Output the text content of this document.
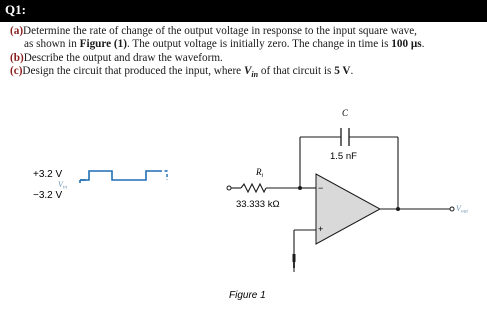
Q1:
(a)Determine the rate of change of the output voltage in response to the input square wave,
as shown in Figure (1). The output voltage is initially zero. The change in time is 100 μs.
(b)Describe the output and draw the waveform.
(c)Design the circuit that produced the input, where $V_{in}$ of that circuit is 5 V.
+3.2 V
−3.2 V
Vin
$R_i$
33.333 kΩ
C
1.5 nF
−
+
Vout
Figure 1
